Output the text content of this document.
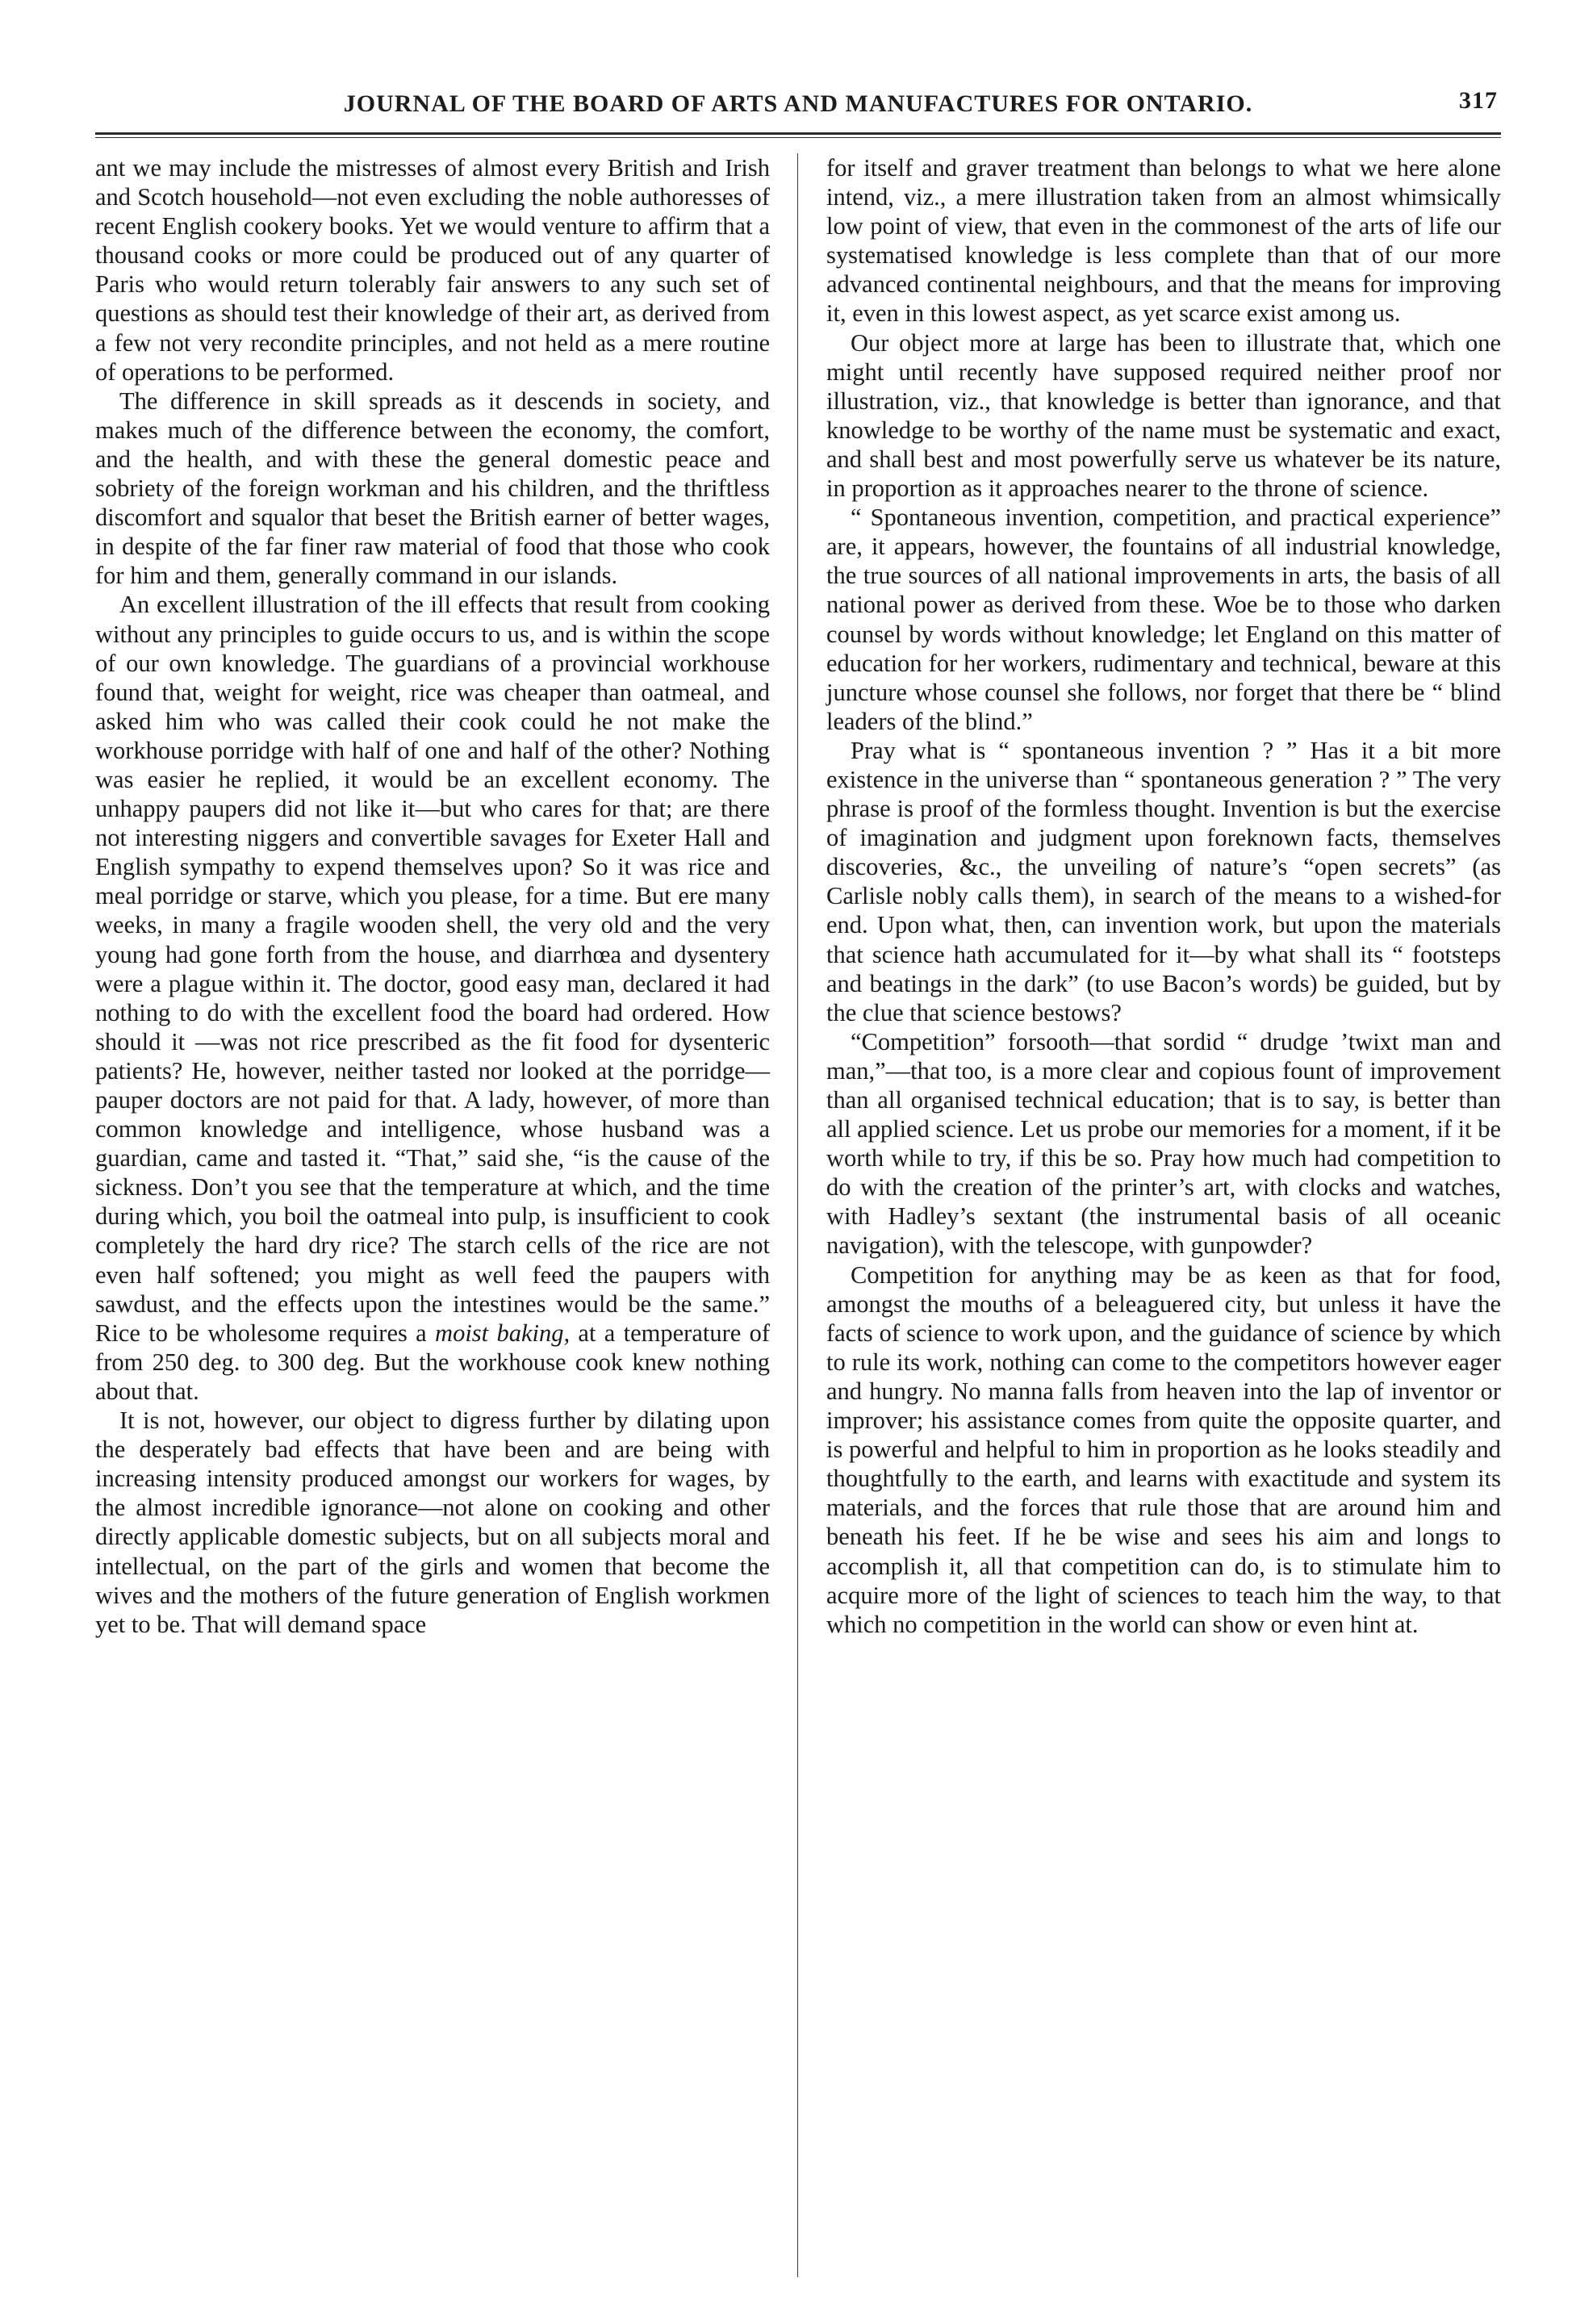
JOURNAL OF THE BOARD OF ARTS AND MANUFACTURES FOR ONTARIO.	317

ant we may include the mistresses of almost every British and Irish and Scotch household—not even excluding the noble authoresses of recent English cookery books. Yet we would venture to affirm that a thousand cooks or more could be produced out of any quarter of Paris who would return tolerably fair answers to any such set of questions as should test their knowledge of their art, as derived from a few not very recondite principles, and not held as a mere routine of operations to be performed.

The difference in skill spreads as it descends in society, and makes much of the difference between the economy, the comfort, and the health, and with these the general domestic peace and sobriety of the foreign workman and his children, and the thriftless discomfort and squalor that beset the British earner of better wages, in despite of the far finer raw material of food that those who cook for him and them, generally command in our islands.

An excellent illustration of the ill effects that result from cooking without any principles to guide occurs to us, and is within the scope of our own knowledge. The guardians of a provincial workhouse found that, weight for weight, rice was cheaper than oatmeal, and asked him who was called their cook could he not make the workhouse porridge with half of one and half of the other? Nothing was easier he replied, it would be an excellent economy. The unhappy paupers did not like it—but who cares for that; are there not interesting niggers and convertible savages for Exeter Hall and English sympathy to expend themselves upon? So it was rice and meal porridge or starve, which you please, for a time. But ere many weeks, in many a fragile wooden shell, the very old and the very young had gone forth from the house, and diarrhœa and dysentery were a plague within it. The doctor, good easy man, declared it had nothing to do with the excellent food the board had ordered. How should it —was not rice prescribed as the fit food for dysenteric patients? He, however, neither tasted nor looked at the porridge—pauper doctors are not paid for that. A lady, however, of more than common knowledge and intelligence, whose husband was a guardian, came and tasted it. “That,” said she, “is the cause of the sickness. Don’t you see that the temperature at which, and the time during which, you boil the oatmeal into pulp, is insufficient to cook completely the hard dry rice? The starch cells of the rice are not even half softened; you might as well feed the paupers with sawdust, and the effects upon the intestines would be the same.” Rice to be wholesome requires a moist baking, at a temperature of from 250 deg. to 300 deg. But the workhouse cook knew nothing about that.

It is not, however, our object to digress further by dilating upon the desperately bad effects that have been and are being with increasing intensity produced amongst our workers for wages, by the almost incredible ignorance—not alone on cooking and other directly applicable domestic subjects, but on all subjects moral and intellectual, on the part of the girls and women that become the wives and the mothers of the future generation of English workmen yet to be. That will demand space

for itself and graver treatment than belongs to what we here alone intend, viz., a mere illustration taken from an almost whimsically low point of view, that even in the commonest of the arts of life our systematised knowledge is less complete than that of our more advanced continental neighbours, and that the means for improving it, even in this lowest aspect, as yet scarce exist among us.

Our object more at large has been to illustrate that, which one might until recently have supposed required neither proof nor illustration, viz., that knowledge is better than ignorance, and that knowledge to be worthy of the name must be systematic and exact, and shall best and most powerfully serve us whatever be its nature, in proportion as it approaches nearer to the throne of science.

“ Spontaneous invention, competition, and practical experience” are, it appears, however, the fountains of all industrial knowledge, the true sources of all national improvements in arts, the basis of all national power as derived from these. Woe be to those who darken counsel by words without knowledge; let England on this matter of education for her workers, rudimentary and technical, beware at this juncture whose counsel she follows, nor forget that there be “ blind leaders of the blind.”

Pray what is “ spontaneous invention ? ” Has it a bit more existence in the universe than “ spontaneous generation ? ” The very phrase is proof of the formless thought. Invention is but the exercise of imagination and judgment upon foreknown facts, themselves discoveries, &c., the unveiling of nature’s “open secrets” (as Carlisle nobly calls them), in search of the means to a wished-for end. Upon what, then, can invention work, but upon the materials that science hath accumulated for it—by what shall its “ footsteps and beatings in the dark” (to use Bacon’s words) be guided, but by the clue that science bestows?

“Competition” forsooth—that sordid “ drudge ’twixt man and man,”—that too, is a more clear and copious fount of improvement than all organised technical education; that is to say, is better than all applied science. Let us probe our memories for a moment, if it be worth while to try, if this be so. Pray how much had competition to do with the creation of the printer’s art, with clocks and watches, with Hadley’s sextant (the instrumental basis of all oceanic navigation), with the telescope, with gunpowder?

Competition for anything may be as keen as that for food, amongst the mouths of a beleaguered city, but unless it have the facts of science to work upon, and the guidance of science by which to rule its work, nothing can come to the competitors however eager and hungry. No manna falls from heaven into the lap of inventor or improver; his assistance comes from quite the opposite quarter, and is powerful and helpful to him in proportion as he looks steadily and thoughtfully to the earth, and learns with exactitude and system its materials, and the forces that rule those that are around him and beneath his feet. If he be wise and sees his aim and longs to accomplish it, all that competition can do, is to stimulate him to acquire more of the light of sciences to teach him the way, to that which no competition in the world can show or even hint at.
